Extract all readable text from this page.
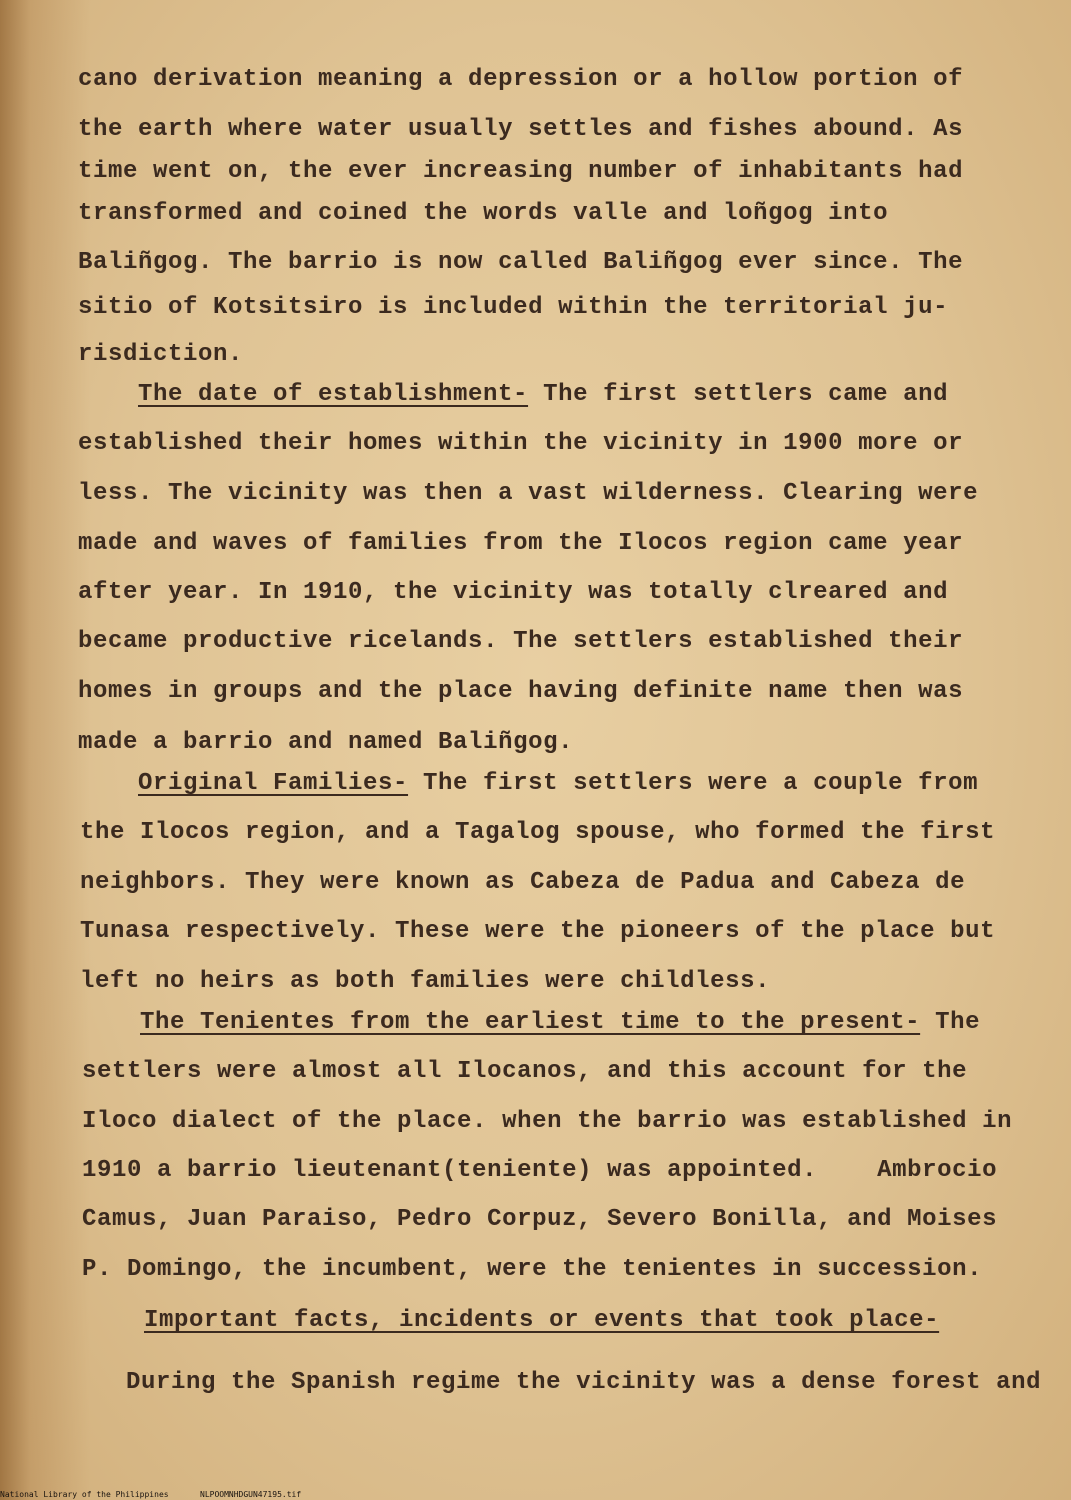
cano derivation meaning a depression or a hollow portion of
the earth where water usually settles and fishes abound. As
time went on, the ever increasing number of inhabitants had
transformed and coined the words valle and loñgog into
Baliñgog. The barrio is now called Baliñgog ever since. The
sitio of Kotsitsiro is included within the territorial ju-
risdiction.
The date of establishment- The first settlers came and
established their homes within the vicinity in 1900 more or
less. The vicinity was then a vast wilderness. Clearing were
made and waves of families from the Ilocos region came year
after year. In 1910, the vicinity was totally clreared and
became productive ricelands. The settlers established their
homes in groups and the place having definite name then was
made a barrio and named Baliñgog.
Original Families- The first settlers were a couple from
the Ilocos region, and a Tagalog spouse, who formed the first
neighbors. They were known as Cabeza de Padua and Cabeza de
Tunasa respectively. These were the pioneers of the place but
left no heirs as both families were childless.
The Tenientes from the earliest time to the present- The
settlers were almost all Ilocanos, and this account for the
Iloco dialect of the place. when the barrio was established in
1910 a barrio lieutenant(teniente) was appointed.    Ambrocio
Camus, Juan Paraiso, Pedro Corpuz, Severo Bonilla, and Moises
P. Domingo, the incumbent, were the tenientes in succession.
Important facts, incidents or events that took place-
During the Spanish regime the vicinity was a dense forest and
National Library of the Philippines	NLPOOMNHDGUN47195.tif
